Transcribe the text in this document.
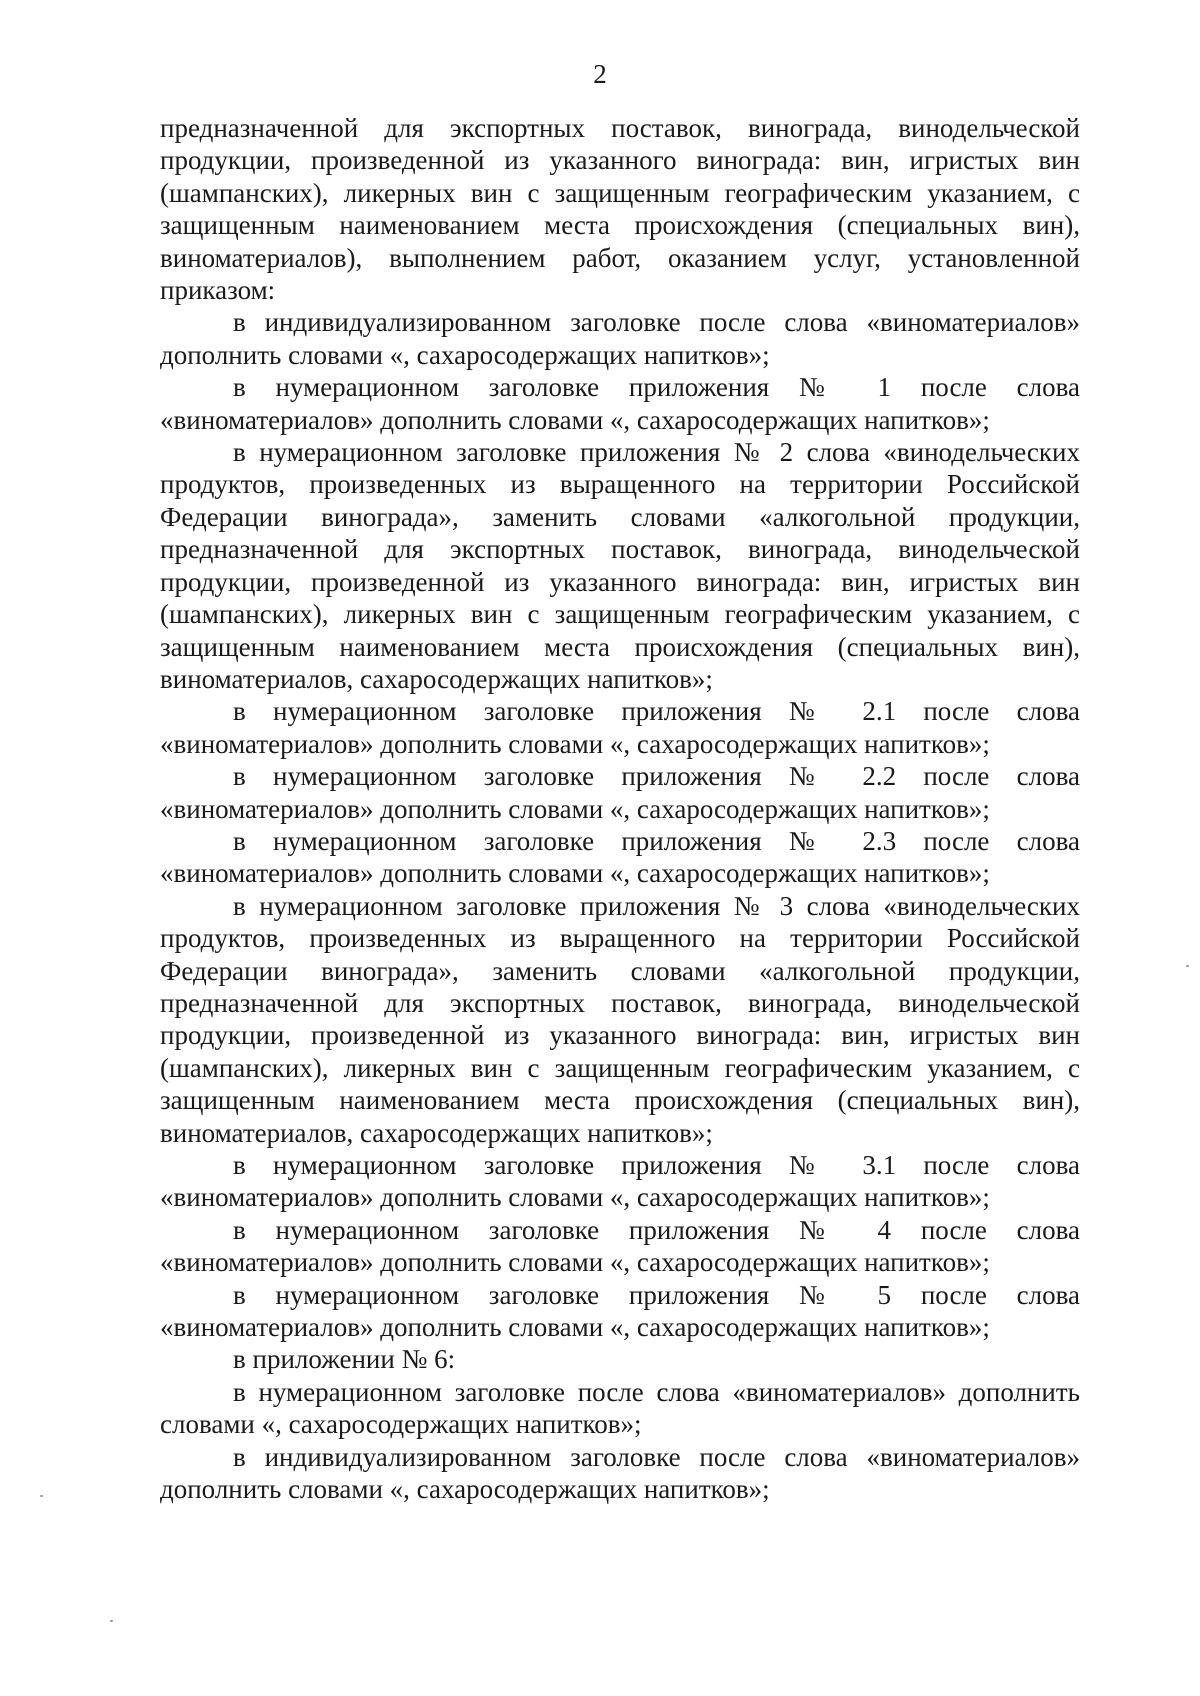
2

предназначенной для экспортных поставок, винограда, винодельческой продукции, произведенной из указанного винограда: вин, игристых вин (шампанских), ликерных вин с защищенным географическим указанием, с защищенным наименованием места происхождения (специальных вин), виноматериалов), выполнением работ, оказанием услуг, установленной приказом:

в индивидуализированном заголовке после слова «виноматериалов» дополнить словами «, сахаросодержащих напитков»;

в нумерационном заголовке приложения № 1 после слова «виноматериалов» дополнить словами «, сахаросодержащих напитков»;

в нумерационном заголовке приложения № 2 слова «винодельческих продуктов, произведенных из выращенного на территории Российской Федерации винограда», заменить словами «алкогольной продукции, предназначенной для экспортных поставок, винограда, винодельческой продукции, произведенной из указанного винограда: вин, игристых вин (шампанских), ликерных вин с защищенным географическим указанием, с защищенным наименованием места происхождения (специальных вин), виноматериалов, сахаросодержащих напитков»;

в нумерационном заголовке приложения № 2.1 после слова «виноматериалов» дополнить словами «, сахаросодержащих напитков»;

в нумерационном заголовке приложения № 2.2 после слова «виноматериалов» дополнить словами «, сахаросодержащих напитков»;

в нумерационном заголовке приложения № 2.3 после слова «виноматериалов» дополнить словами «, сахаросодержащих напитков»;

в нумерационном заголовке приложения № 3 слова «винодельческих продуктов, произведенных из выращенного на территории Российской Федерации винограда», заменить словами «алкогольной продукции, предназначенной для экспортных поставок, винограда, винодельческой продукции, произведенной из указанного винограда: вин, игристых вин (шампанских), ликерных вин с защищенным географическим указанием, с защищенным наименованием места происхождения (специальных вин), виноматериалов, сахаросодержащих напитков»;

в нумерационном заголовке приложения № 3.1 после слова «виноматериалов» дополнить словами «, сахаросодержащих напитков»;

в нумерационном заголовке приложения № 4 после слова «виноматериалов» дополнить словами «, сахаросодержащих напитков»;

в нумерационном заголовке приложения № 5 после слова «виноматериалов» дополнить словами «, сахаросодержащих напитков»;

в приложении № 6:

в нумерационном заголовке после слова «виноматериалов» дополнить словами «, сахаросодержащих напитков»;

в индивидуализированном заголовке после слова «виноматериалов» дополнить словами «, сахаросодержащих напитков»;
